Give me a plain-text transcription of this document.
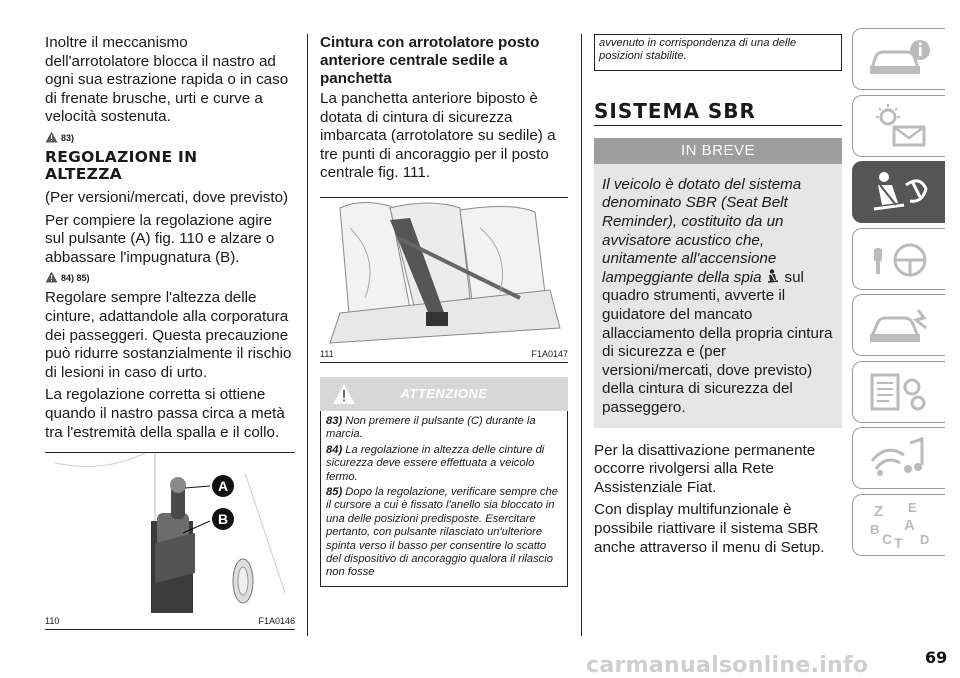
Inoltre il meccanismo dell'arrotolatore blocca il nastro ad ogni sua estrazione rapida o in caso di frenate brusche, urti e curve a velocità sostenuta.

83)
REGOLAZIONE IN ALTEZZA

(Per versioni/mercati, dove previsto)

Per compiere la regolazione agire sul pulsante (A) fig. 110 e alzare o abbassare l'impugnatura (B).

84) 85)

Regolare sempre l'altezza delle cinture, adattandole alla corporatura dei passeggeri. Questa precauzione può ridurre sostanzialmente il rischio di lesioni in caso di urto.

La regolazione corretta si ottiene quando il nastro passa circa a metà tra l'estremità della spalla e il collo.

A
B
110	F1A0146
Cintura con arrotolatore posto anteriore centrale sedile a panchetta

La panchetta anteriore biposto è dotata di cintura di sicurezza imbarcata (arrotolatore su sedile) a tre punti di ancoraggio per il posto centrale fig. 111.

111	F1A0147
ATTENZIONE
83) Non premere il pulsante (C) durante la marcia.
84) La regolazione in altezza delle cinture di sicurezza deve essere effettuata a veicolo fermo.
85) Dopo la regolazione, verificare sempre che il cursore a cui è fissato l'anello sia bloccato in una delle posizioni predisposte. Esercitare pertanto, con pulsante rilasciato un'ulteriore spinta verso il basso per consentire lo scatto del dispositivo di ancoraggio qualora il rilascio non fosse
avvenuto in corrispondenza di una delle posizioni stabilite.
SISTEMA SBR
IN BREVE
Il veicolo è dotato del sistema denominato SBR (Seat Belt Reminder), costituito da un avvisatore acustico che, unitamente all'accensione lampeggiante della spia sul quadro strumenti, avverte il guidatore del mancato allacciamento della propria cintura di sicurezza e (per versioni/mercati, dove previsto) della cintura di sicurezza del passeggero.

Per la disattivazione permanente occorre rivolgersi alla Rete Assistenziale Fiat.

Con display multifunzionale è possibile riattivare il sistema SBR anche attraverso il menu di Setup.

Z E
A
B
C T D
69
carmanualsonline.info
